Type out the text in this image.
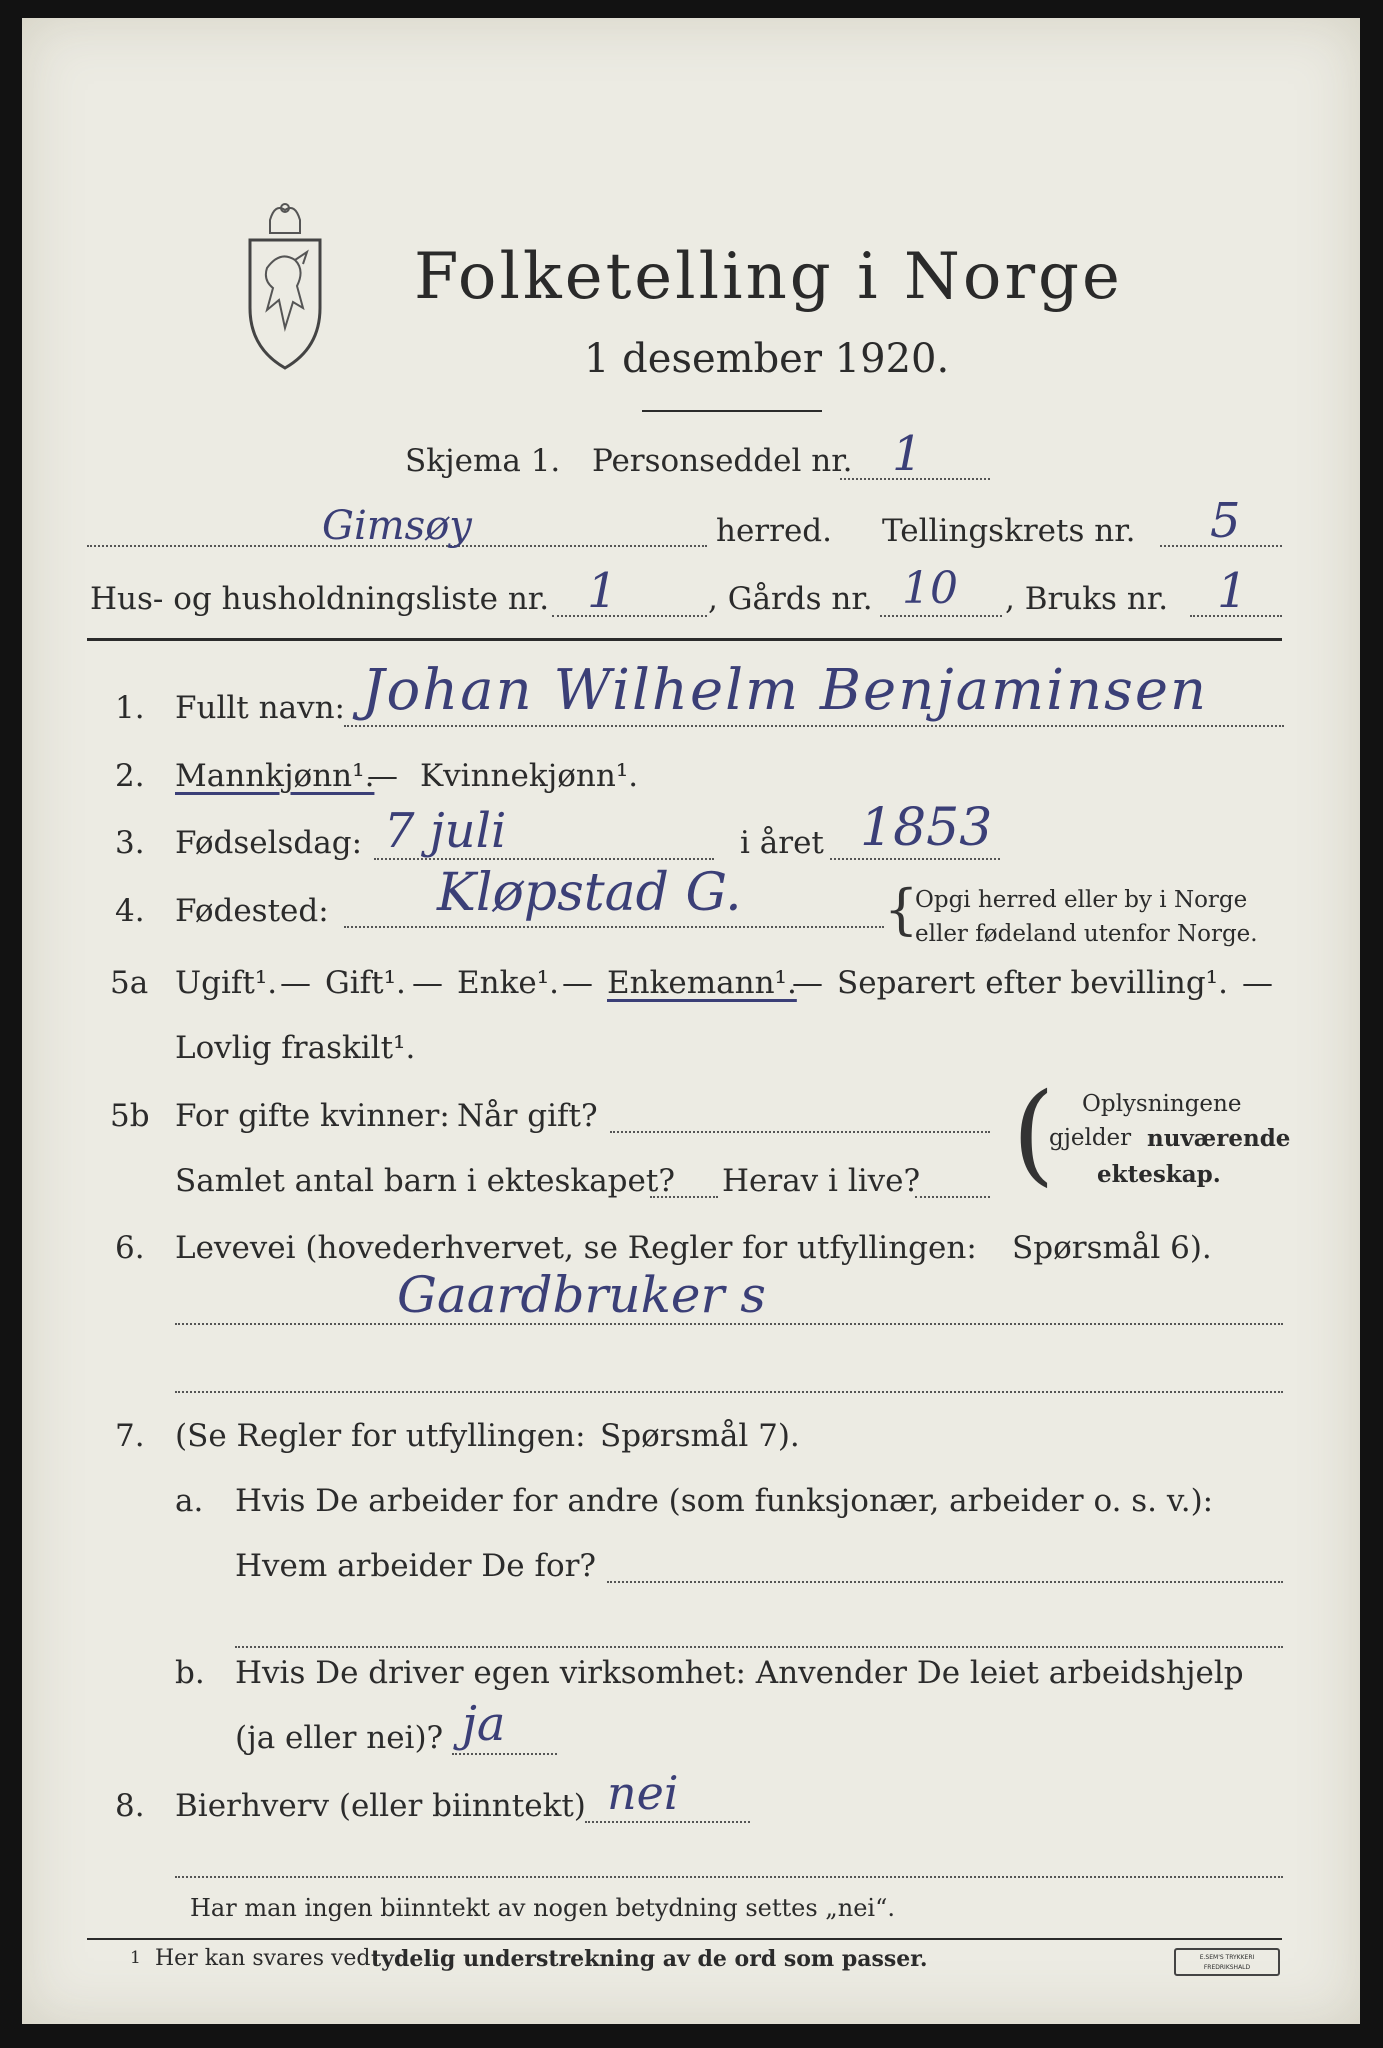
Folketelling i Norge
1 desember 1920.
Skjema 1. Personseddel nr. 1
Gimsøy	herred. Tellingskrets nr. 5
Hus- og husholdningsliste nr. 1	, Gårds nr. 10 , Bruks nr. 1
1. Fullt navn: Johan Wilhelm Benjaminsen
2. Mannkjønn¹.
— Kvinnekjønn¹.
3. Fødselsdag: 7 juli	i året 1853
4. Fødested: Kløpstad G.	{
Opgi herred eller by i Norge
eller fødeland utenfor Norge.
5a Ugift¹. — Gift¹. — Enke¹. — Enkemann¹.
— Separert efter bevilling¹. —
Lovlig fraskilt¹.
5b For gifte kvinner: Når gift?
Samlet antal barn i ekteskapet? Herav i live? ( Oplysningene
gjelder nuværende
ekteskap.
6. Levevei (hovederhvervet, se Regler for utfyllingen: Spørsmål 6).
Gaardbruker s
7. (Se Regler for utfyllingen: Spørsmål 7).
a. Hvis De arbeider for andre (som funksjonær, arbeider o. s. v.):
Hvem arbeider De for?
b. Hvis De driver egen virksomhet: Anvender De leiet arbeidshjelp
(ja eller nei)? ja
8. Bierhverv (eller biinntekt) nei
Har man ingen biinntekt av nogen betydning settes „nei“.
1 Her kan svares ved tydelig understrekning av de ord som passer.	E.SEM'S TRYKKERI FREDRIKSHALD
